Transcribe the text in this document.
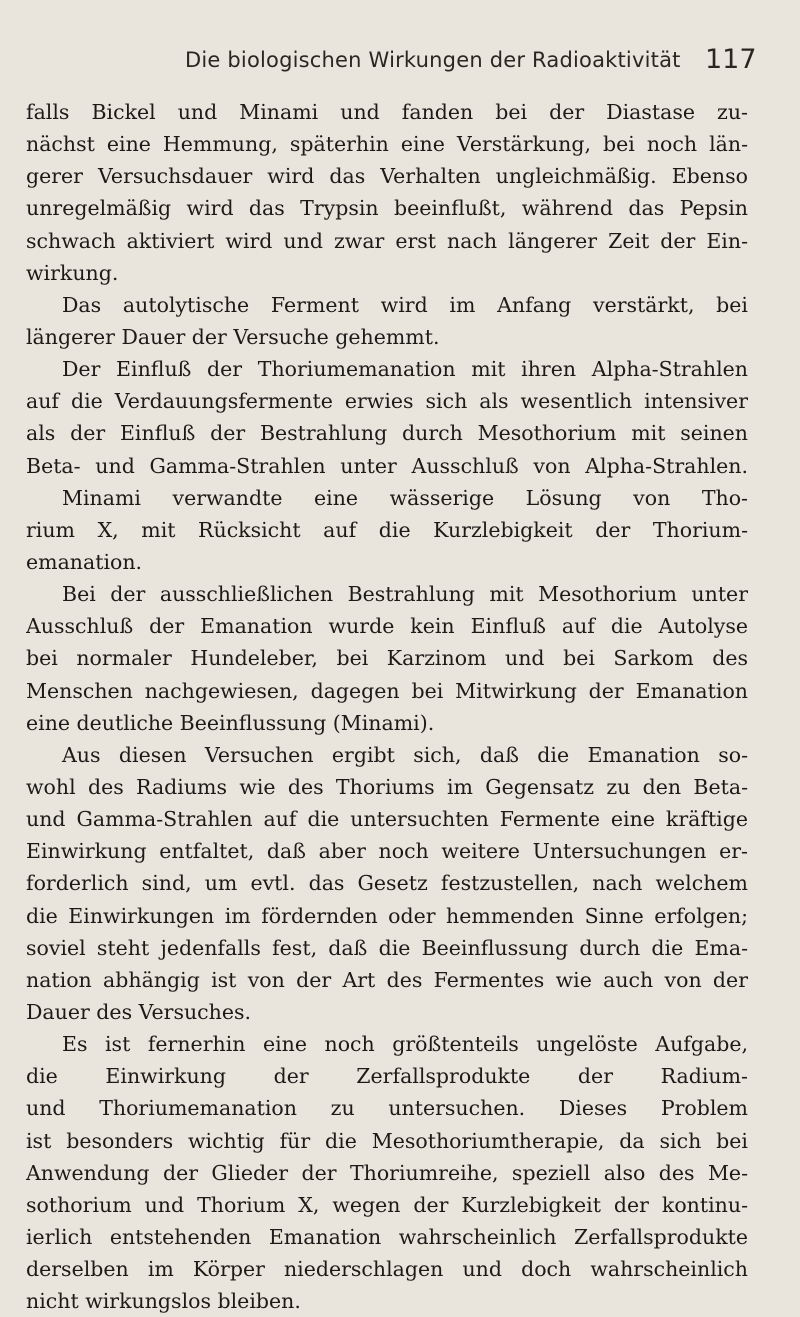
Die biologischen Wirkungen der Radioaktivität 117
falls Bickel und Minami und fanden bei der Diastase zu-
nächst eine Hemmung, späterhin eine Verstärkung, bei noch län-
gerer Versuchsdauer wird das Verhalten ungleichmäßig. Ebenso
unregelmäßig wird das Trypsin beeinflußt, während das Pepsin
schwach aktiviert wird und zwar erst nach längerer Zeit der Ein-
wirkung.
Das autolytische Ferment wird im Anfang verstärkt, bei
längerer Dauer der Versuche gehemmt.
Der Einfluß der Thoriumemanation mit ihren Alpha-Strahlen
auf die Verdauungsfermente erwies sich als wesentlich intensiver
als der Einfluß der Bestrahlung durch Mesothorium mit seinen
Beta- und Gamma-Strahlen unter Ausschluß von Alpha-Strahlen.
Minami verwandte eine wässerige Lösung von Tho-
rium X, mit Rücksicht auf die Kurzlebigkeit der Thorium-
emanation.
Bei der ausschließlichen Bestrahlung mit Mesothorium unter
Ausschluß der Emanation wurde kein Einfluß auf die Autolyse
bei normaler Hundeleber, bei Karzinom und bei Sarkom des
Menschen nachgewiesen, dagegen bei Mitwirkung der Emanation
eine deutliche Beeinflussung (Minami).
Aus diesen Versuchen ergibt sich, daß die Emanation so-
wohl des Radiums wie des Thoriums im Gegensatz zu den Beta-
und Gamma-Strahlen auf die untersuchten Fermente eine kräftige
Einwirkung entfaltet, daß aber noch weitere Untersuchungen er-
forderlich sind, um evtl. das Gesetz festzustellen, nach welchem
die Einwirkungen im fördernden oder hemmenden Sinne erfolgen;
soviel steht jedenfalls fest, daß die Beeinflussung durch die Ema-
nation abhängig ist von der Art des Fermentes wie auch von der
Dauer des Versuches.
Es ist fernerhin eine noch größtenteils ungelöste Aufgabe,
die Einwirkung der Zerfallsprodukte der Radium-
und Thoriumemanation zu untersuchen. Dieses Problem
ist besonders wichtig für die Mesothoriumtherapie, da sich bei
Anwendung der Glieder der Thoriumreihe, speziell also des Me-
sothorium und Thorium X, wegen der Kurzlebigkeit der kontinu-
ierlich entstehenden Emanation wahrscheinlich Zerfallsprodukte
derselben im Körper niederschlagen und doch wahrscheinlich
nicht wirkungslos bleiben.
